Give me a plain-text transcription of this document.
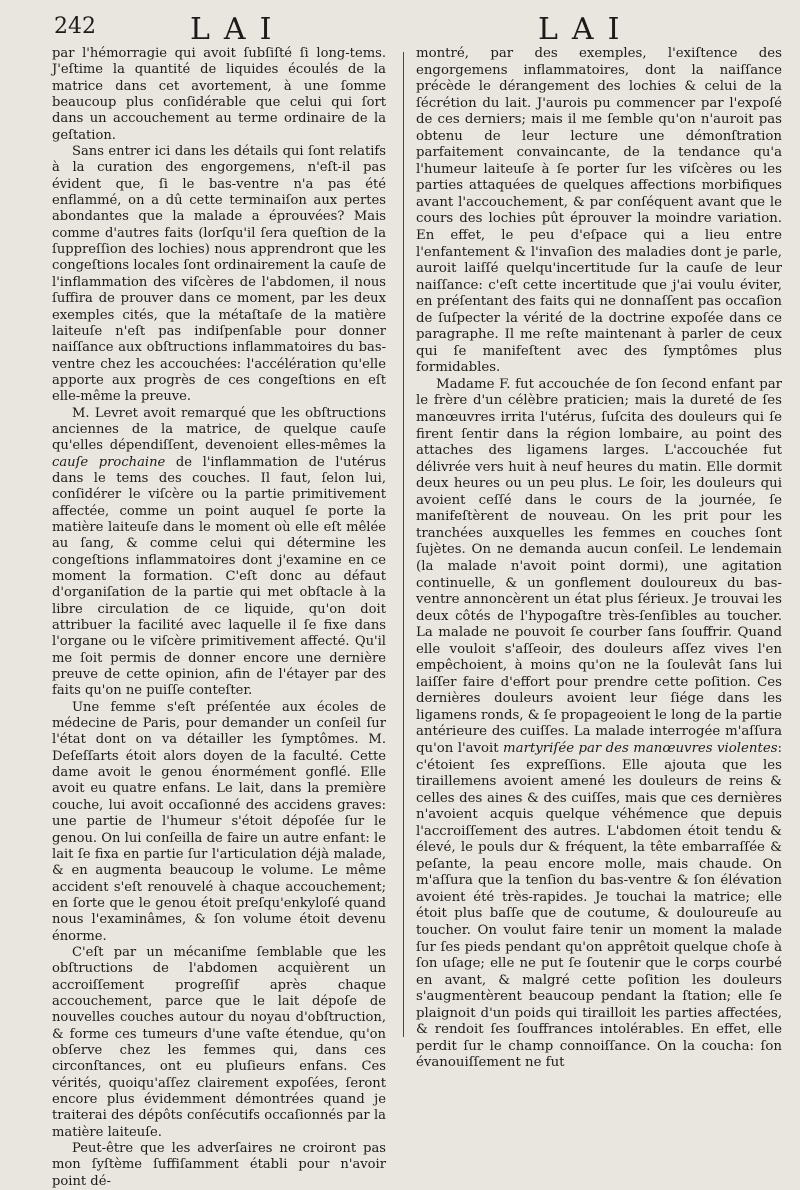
242	LAI	LAI

par l'hémorragie qui avoit ſubſiſté ſi long-tems. J'eſtime la quantité de liquides écoulés de la matrice dans cet avortement, à une ſomme beaucoup plus conſidérable que celui qui ſort dans un accouchement au terme ordinaire de la geſtation.

Sans entrer ici dans les détails qui ſont relatifs à la curation des engorgemens, n'eſt-il pas évident que, ſi le bas-ventre n'a pas été enflammé, on a dû cette terminaiſon aux pertes abondantes que la malade a éprouvées? Mais comme d'autres faits (lorſqu'il ſera queſtion de la ſuppreſſion des lochies) nous apprendront que les congeſtions locales ſont ordinairement la cauſe de l'inflammation des viſcères de l'abdomen, il nous ſuffira de prouver dans ce moment, par les deux exemples cités, que la métaſtaſe de la matière laiteuſe n'eſt pas indiſpenſable pour donner naiſſance aux obſtructions inflammatoires du bas-ventre chez les accouchées: l'accélération qu'elle apporte aux progrès de ces congeſtions en eſt elle-même la preuve.

M. Levret avoit remarqué que les obſtructions anciennes de la matrice, de quelque cauſe qu'elles dépendiſſent, devenoient elles-mêmes la cauſe prochaine de l'inflammation de l'utérus dans le tems des couches. Il faut, ſelon lui, conſidérer le viſcère ou la partie primitivement affectée, comme un point auquel ſe porte la matière laiteuſe dans le moment où elle eſt mêlée au ſang, & comme celui qui détermine les congeſtions inflammatoires dont j'examine en ce moment la formation. C'eſt donc au défaut d'organiſation de la partie qui met obſtacle à la libre circulation de ce liquide, qu'on doit attribuer la facilité avec laquelle il ſe fixe dans l'organe ou le viſcère primitivement affecté. Qu'il me ſoit permis de donner encore une dernière preuve de cette opinion, afin de l'étayer par des faits qu'on ne puiſſe conteſter.

Une femme s'eſt préſentée aux écoles de médecine de Paris, pour demander un conſeil ſur l'état dont on va détailler les ſymptômes. M. Deſeſſarts étoit alors doyen de la faculté. Cette dame avoit le genou énormément gonflé. Elle avoit eu quatre enfans. Le lait, dans la première couche, lui avoit occaſionné des accidens graves: une partie de l'humeur s'étoit dépoſée ſur le genou. On lui conſeilla de faire un autre enfant: le lait ſe fixa en partie ſur l'articulation déjà malade, & en augmenta beaucoup le volume. Le même accident s'eſt renouvelé à chaque accouchement; en ſorte que le genou étoit preſqu'enkyloſé quand nous l'examinâmes, & ſon volume étoit devenu énorme.

C'eſt par un mécaniſme ſemblable que les obſtructions de l'abdomen acquièrent un accroiſſement progreſſif après chaque accouchement, parce que le lait dépoſe de nouvelles couches autour du noyau d'obſtruction, & forme ces tumeurs d'une vaſte étendue, qu'on obſerve chez les femmes qui, dans ces circonſtances, ont eu pluſieurs enfans. Ces vérités, quoiqu'aſſez clairement expoſées, ſeront encore plus évidemment démontrées quand je traiterai des dépôts conſécutifs occaſionnés par la matière laiteuſe.

Peut-être que les adverſaires ne croiront pas mon ſyſtème ſuffiſamment établi pour n'avoir point dé-

montré, par des exemples, l'exiſtence des engorgemens inflammatoires, dont la naiſſance précède le dérangement des lochies & celui de la ſécrétion du lait. J'aurois pu commencer par l'expoſé de ces derniers; mais il me ſemble qu'on n'auroit pas obtenu de leur lecture une démonſtration parfaitement convaincante, de la tendance qu'a l'humeur laiteuſe à ſe porter ſur les viſcères ou les parties attaquées de quelques affections morbifiques avant l'accouchement, & par conſéquent avant que le cours des lochies pût éprouver la moindre variation. En effet, le peu d'eſpace qui a lieu entre l'enfantement & l'invaſion des maladies dont je parle, auroit laiſſé quelqu'incertitude ſur la cauſe de leur naiſſance: c'eſt cette incertitude que j'ai voulu éviter, en préſentant des faits qui ne donnaſſent pas occaſion de ſuſpecter la vérité de la doctrine expoſée dans ce paragraphe. Il me reſte maintenant à parler de ceux qui ſe manifeſtent avec des ſymptômes plus formidables.

Madame F. fut accouchée de ſon ſecond enfant par le frère d'un célèbre praticien; mais la dureté de ſes manœuvres irrita l'utérus, ſuſcita des douleurs qui ſe firent ſentir dans la région lombaire, au point des attaches des ligamens larges. L'accouchée fut délivrée vers huit à neuf heures du matin. Elle dormit deux heures ou un peu plus. Le ſoir, les douleurs qui avoient ceſſé dans le cours de la journée, ſe manifeſtèrent de nouveau. On les prit pour les tranchées auxquelles les femmes en couches ſont ſujètes. On ne demanda aucun conſeil. Le lendemain (la malade n'avoit point dormi), une agitation continuelle, & un gonflement douloureux du bas-ventre annoncèrent un état plus ſérieux. Je trouvai les deux côtés de l'hypogaſtre très-ſenſibles au toucher. La malade ne pouvoit ſe courber ſans ſouffrir. Quand elle vouloit s'aſſeoir, des douleurs aſſez vives l'en empêchoient, à moins qu'on ne la ſoulevât ſans lui laiſſer faire d'effort pour prendre cette poſition. Ces dernières douleurs avoient leur ſiége dans les ligamens ronds, & ſe propageoient le long de la partie antérieure des cuiſſes. La malade interrogée m'aſſura qu'on l'avoit martyriſée par des manœuvres violentes: c'étoient ſes expreſſions. Elle ajouta que les tiraillemens avoient amené les douleurs de reins & celles des aines & des cuiſſes, mais que ces dernières n'avoient acquis quelque véhémence que depuis l'accroiſſement des autres. L'abdomen étoit tendu & élevé, le pouls dur & fréquent, la tête embarraſſée & peſante, la peau encore molle, mais chaude. On m'aſſura que la tenſion du bas-ventre & ſon élévation avoient été très-rapides. Je touchai la matrice; elle étoit plus baſſe que de coutume, & douloureuſe au toucher. On voulut faire tenir un moment la malade ſur ſes pieds pendant qu'on apprêtoit quelque choſe à ſon uſage; elle ne put ſe ſoutenir que le corps courbé en avant, & malgré cette poſition les douleurs s'augmentèrent beaucoup pendant la ſtation; elle ſe plaignoit d'un poids qui tirailloit les parties affectées, & rendoit ſes ſouffrances intolérables. En effet, elle perdit ſur le champ connoiſſance. On la coucha: ſon évanouiſſement ne fut
